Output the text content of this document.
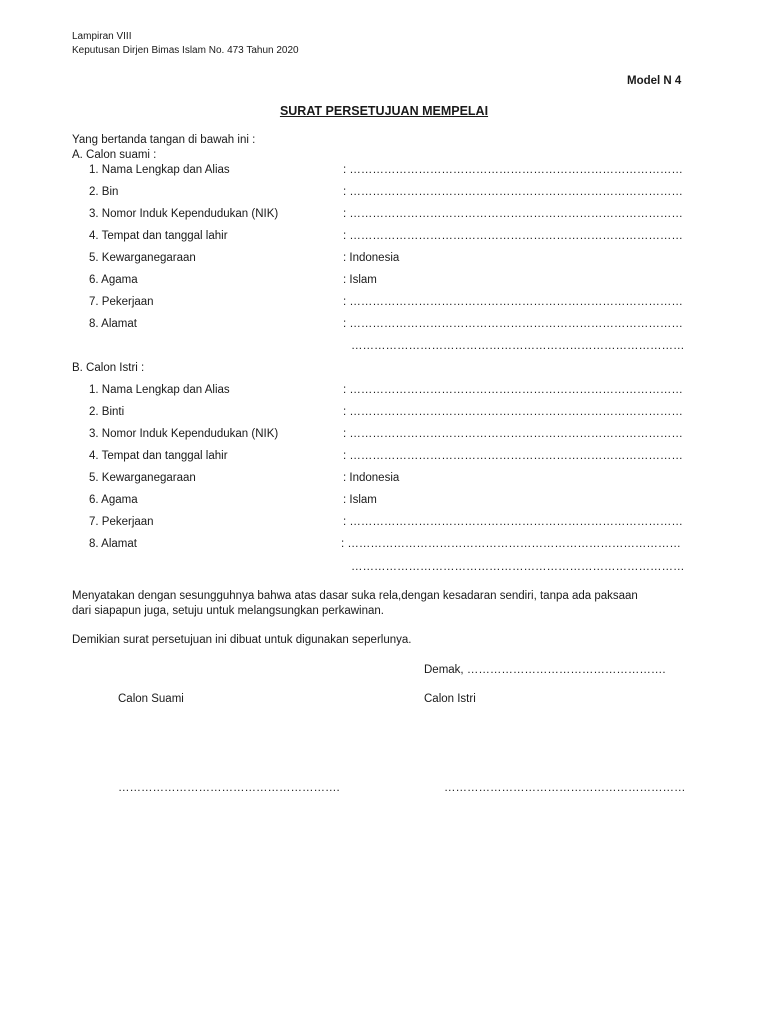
Lampiran VIII
Keputusan Dirjen Bimas Islam No. 473 Tahun 2020
Model N 4
SURAT PERSETUJUAN MEMPELAI
Yang bertanda tangan di bawah ini :
A. Calon suami :
1. Nama Lengkap dan Alias	: ……………………………………………………………………………
2. Bin	: ……………………………………………………………………………
3. Nomor Induk Kependudukan (NIK)	: ……………………………………………………………………………
4. Tempat dan tanggal lahir	: ……………………………………………………………………………
5. Kewarganegaraan	: Indonesia
6. Agama	: Islam
7. Pekerjaan	: ……………………………………………………………………………
8. Alamat	: ……………………………………………………………………………
……………………………………………………………………………
B. Calon Istri :
1. Nama Lengkap dan Alias	: ……………………………………………………………………………
2. Binti	: ……………………………………………………………………………
3. Nomor Induk Kependudukan (NIK)	: ……………………………………………………………………………
4. Tempat dan tanggal lahir	: ……………………………………………………………………………
5. Kewarganegaraan	: Indonesia
6. Agama	: Islam
7. Pekerjaan	: ……………………………………………………………………………
8. Alamat	: ……………………………………………………………………………
……………………………………………………………………………
Menyatakan dengan sesungguhnya bahwa atas dasar suka rela,dengan kesadaran sendiri, tanpa ada paksaan
dari siapapun juga, setuju untuk melangsungkan perkawinan.
Demikian surat persetujuan ini dibuat untuk digunakan seperlunya.
Demak, …………………………………………….
Calon Suami	Calon Istri
………………………………………………….	………………………………………………………
